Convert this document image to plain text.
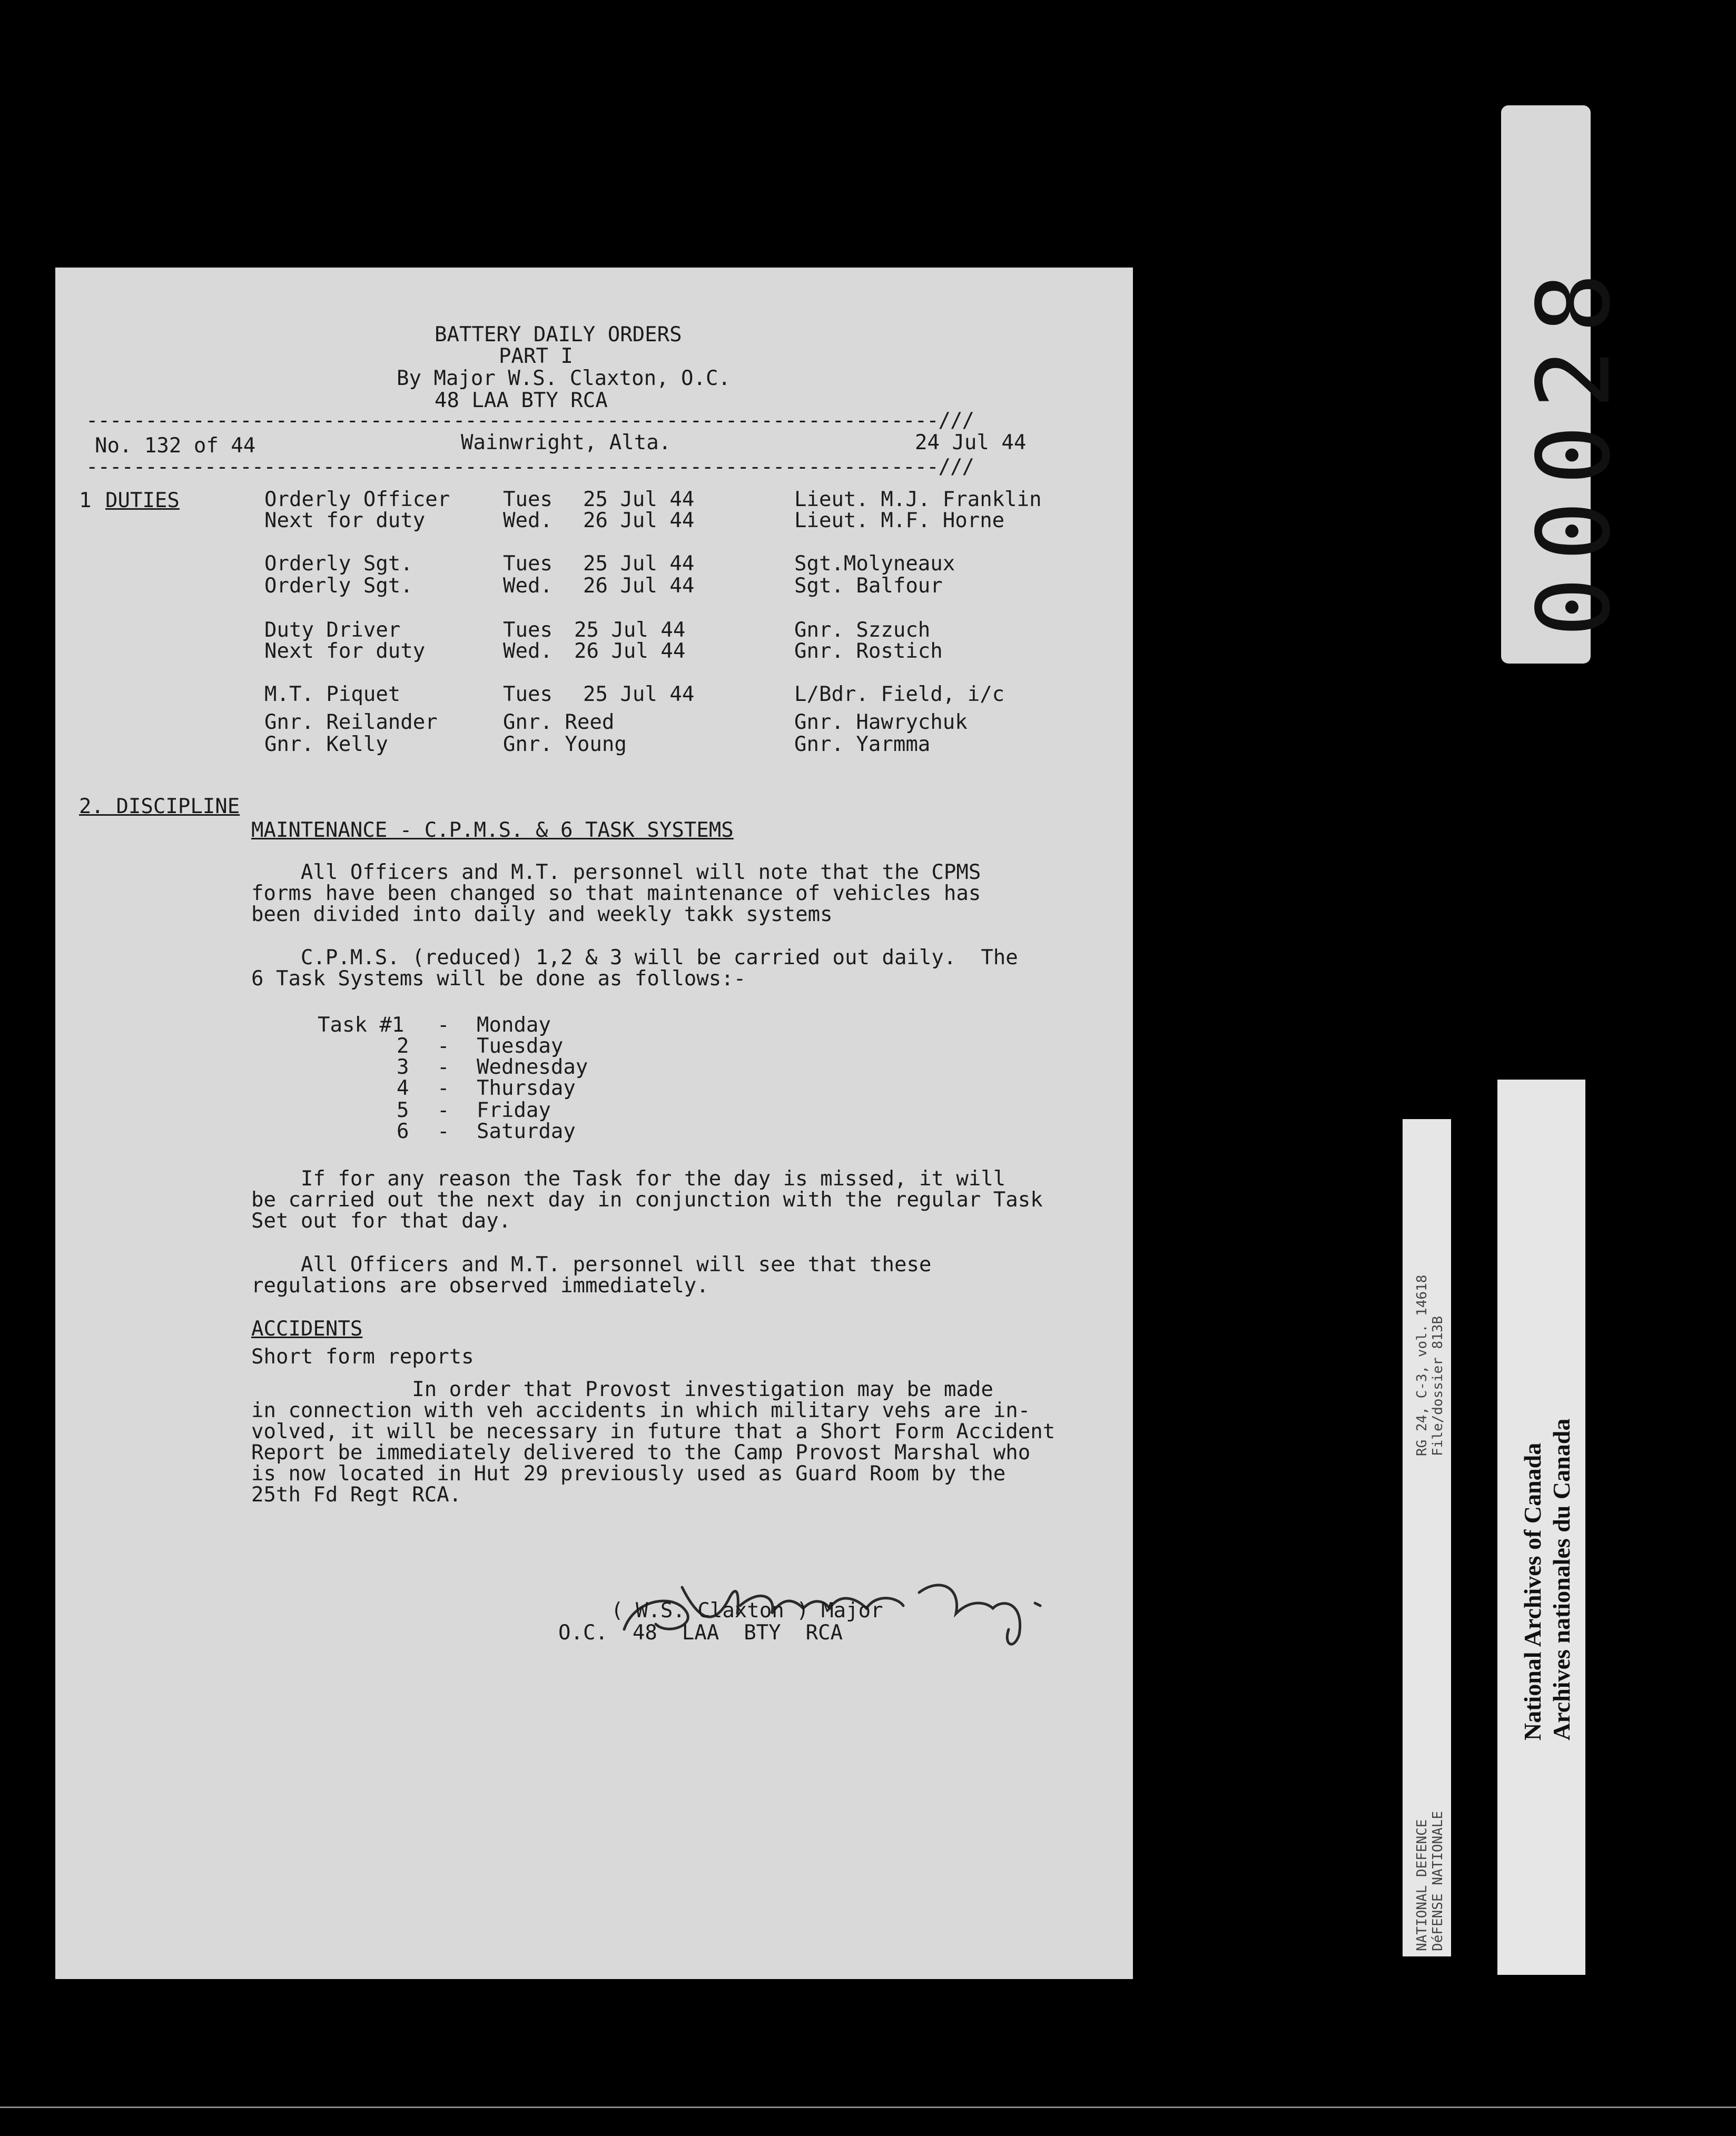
BATTERY DAILY ORDERS
PART I
By Major W.S. Claxton, O.C.
48 LAA BTY RCA
------------------------------------------------------------------------///
No. 132 of 44	Wainwright, Alta.	24 Jul 44
------------------------------------------------------------------------///
1 DUTIES	Orderly Officer	Tues 25 Jul 44	Lieut. M.J. Franklin
Next for duty	Wed. 26 Jul 44	Lieut. M.F. Horne
Orderly Sgt.	Tues 25 Jul 44	Sgt.Molyneaux
Orderly Sgt.	Wed. 26 Jul 44	Sgt. Balfour
Duty Driver	Tues 25 Jul 44	Gnr. Szzuch
Next for duty	Wed. 26 Jul 44	Gnr. Rostich
M.T. Piquet	Tues 25 Jul 44	L/Bdr. Field, i/c
Gnr. Reilander	Gnr. Reed	Gnr. Hawrychuk
Gnr. Kelly	Gnr. Young	Gnr. Yarmma
2. DISCIPLINE
MAINTENANCE - C.P.M.S. & 6 TASK SYSTEMS
All Officers and M.T. personnel will note that the CPMS
forms have been changed so that maintenance of vehicles has
been divided into daily and weekly takk systems
C.P.M.S. (reduced) 1,2 & 3 will be carried out daily.  The
6 Task Systems will be done as follows:-
Task #1 - Monday
2 - Tuesday
3 - Wednesday
4 - Thursday
5 - Friday
6 - Saturday
If for any reason the Task for the day is missed, it will
be carried out the next day in conjunction with the regular Task
Set out for that day.
All Officers and M.T. personnel will see that these
regulations are observed immediately.
ACCIDENTS
Short form reports
In order that Provost investigation may be made
in connection with veh accidents in which military vehs are in-
volved, it will be necessary in future that a Short Form Accident
Report be immediately delivered to the Camp Provost Marshal who
is now located in Hut 29 previously used as Guard Room by the
25th Fd Regt RCA.
( W.S. Claxton ) Major
O.C.  48  LAA  BTY  RCA
00028
RG 24, C-3, vol. 14618 File/dossier 813B
NATIONAL DEFENCE DéFENSE NATIONALE
National Archives of Canada Archives nationales du Canada
